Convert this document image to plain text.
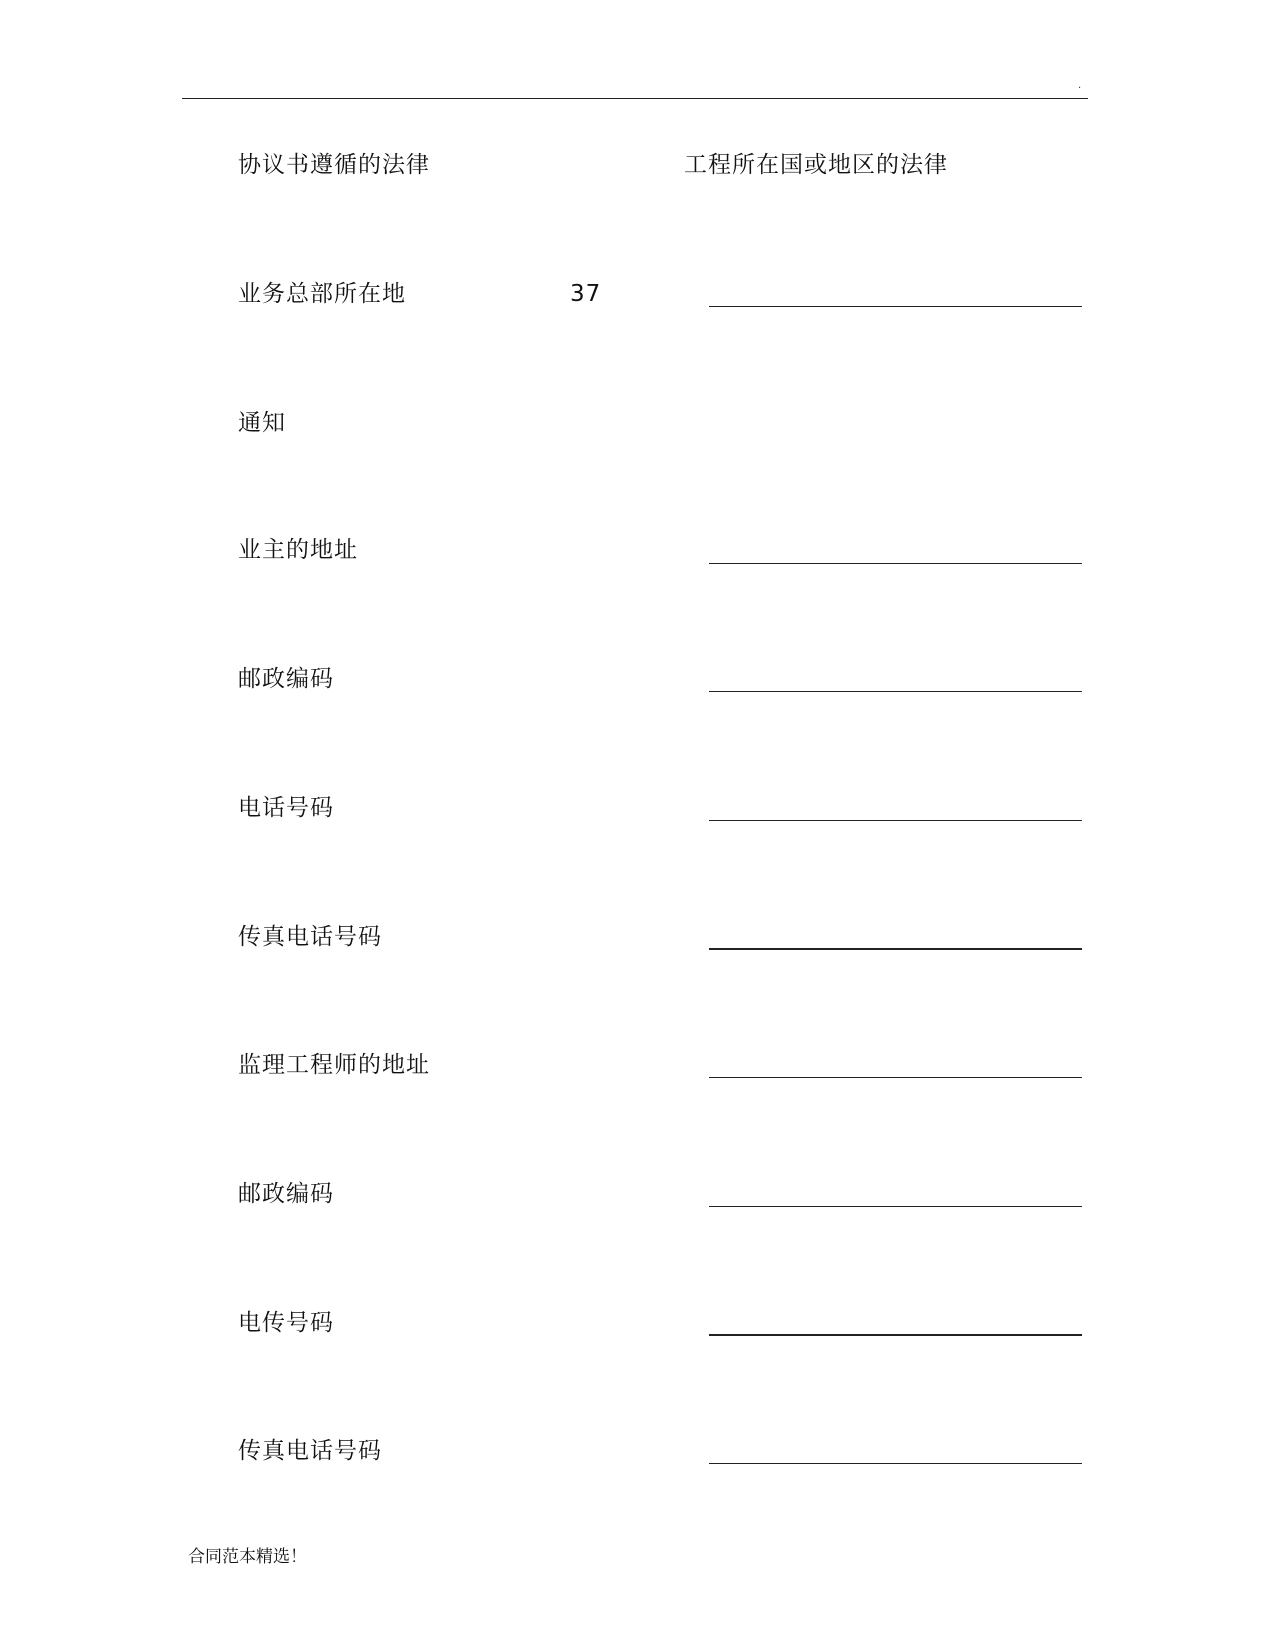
.
协议书遵循的法律	工程所在国或地区的法律
业务总部所在地	37
通知
业主的地址
邮政编码
电话号码
传真电话号码
监理工程师的地址
邮政编码
电传号码
传真电话号码
合同范本精选！
